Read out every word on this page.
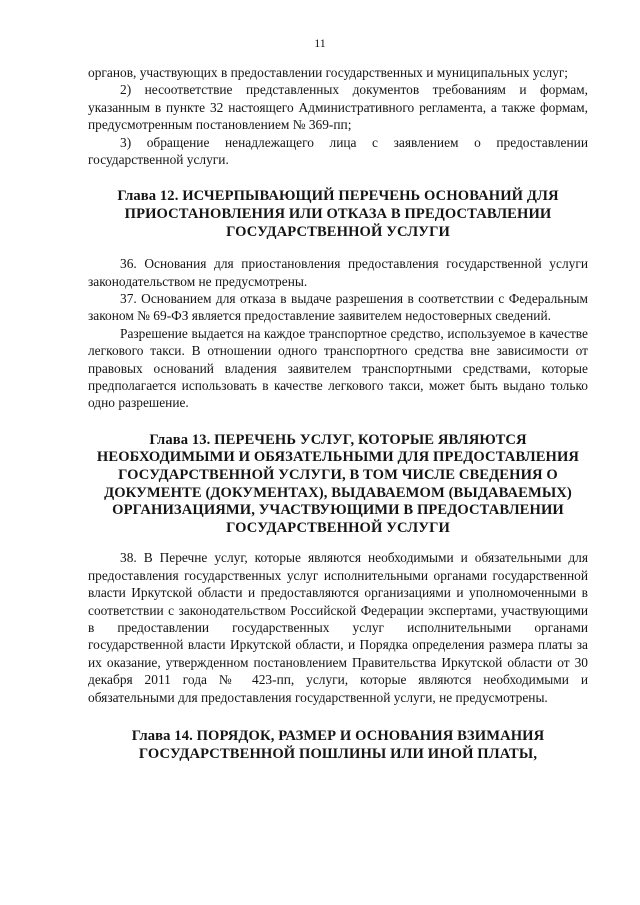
11

органов, участвующих в предоставлении государственных и муниципальных услуг;

2) несоответствие представленных документов требованиям и формам, указанным в пункте 32 настоящего Административного регламента, а также формам, предусмотренным постановлением № 369-пп;

3) обращение ненадлежащего лица с заявлением о предоставлении государственной услуги.

Глава 12. ИСЧЕРПЫВАЮЩИЙ ПЕРЕЧЕНЬ ОСНОВАНИЙ ДЛЯ ПРИОСТАНОВЛЕНИЯ ИЛИ ОТКАЗА В ПРЕДОСТАВЛЕНИИ ГОСУДАРСТВЕННОЙ УСЛУГИ

36. Основания для приостановления предоставления государственной услуги законодательством не предусмотрены.

37. Основанием для отказа в выдаче разрешения в соответствии с Федеральным законом № 69-ФЗ является предоставление заявителем недостоверных сведений.

Разрешение выдается на каждое транспортное средство, используемое в качестве легкового такси. В отношении одного транспортного средства вне зависимости от правовых оснований владения заявителем транспортными средствами, которые предполагается использовать в качестве легкового такси, может быть выдано только одно разрешение.

Глава 13. ПЕРЕЧЕНЬ УСЛУГ, КОТОРЫЕ ЯВЛЯЮТСЯ НЕОБХОДИМЫМИ И ОБЯЗАТЕЛЬНЫМИ ДЛЯ ПРЕДОСТАВЛЕНИЯ ГОСУДАРСТВЕННОЙ УСЛУГИ, В ТОМ ЧИСЛЕ СВЕДЕНИЯ О ДОКУМЕНТЕ (ДОКУМЕНТАХ), ВЫДАВАЕМОМ (ВЫДАВАЕМЫХ) ОРГАНИЗАЦИЯМИ, УЧАСТВУЮЩИМИ В ПРЕДОСТАВЛЕНИИ ГОСУДАРСТВЕННОЙ УСЛУГИ

38. В Перечне услуг, которые являются необходимыми и обязательными для предоставления государственных услуг исполнительными органами государственной власти Иркутской области и предоставляются организациями и уполномоченными в соответствии с законодательством Российской Федерации экспертами, участвующими в предоставлении государственных услуг исполнительными органами государственной власти Иркутской области, и Порядка определения размера платы за их оказание, утвержденном постановлением Правительства Иркутской области от 30 декабря 2011 года № 423-пп, услуги, которые являются необходимыми и обязательными для предоставления государственной услуги, не предусмотрены.

Глава 14. ПОРЯДОК, РАЗМЕР И ОСНОВАНИЯ ВЗИМАНИЯ ГОСУДАРСТВЕННОЙ ПОШЛИНЫ ИЛИ ИНОЙ ПЛАТЫ,
